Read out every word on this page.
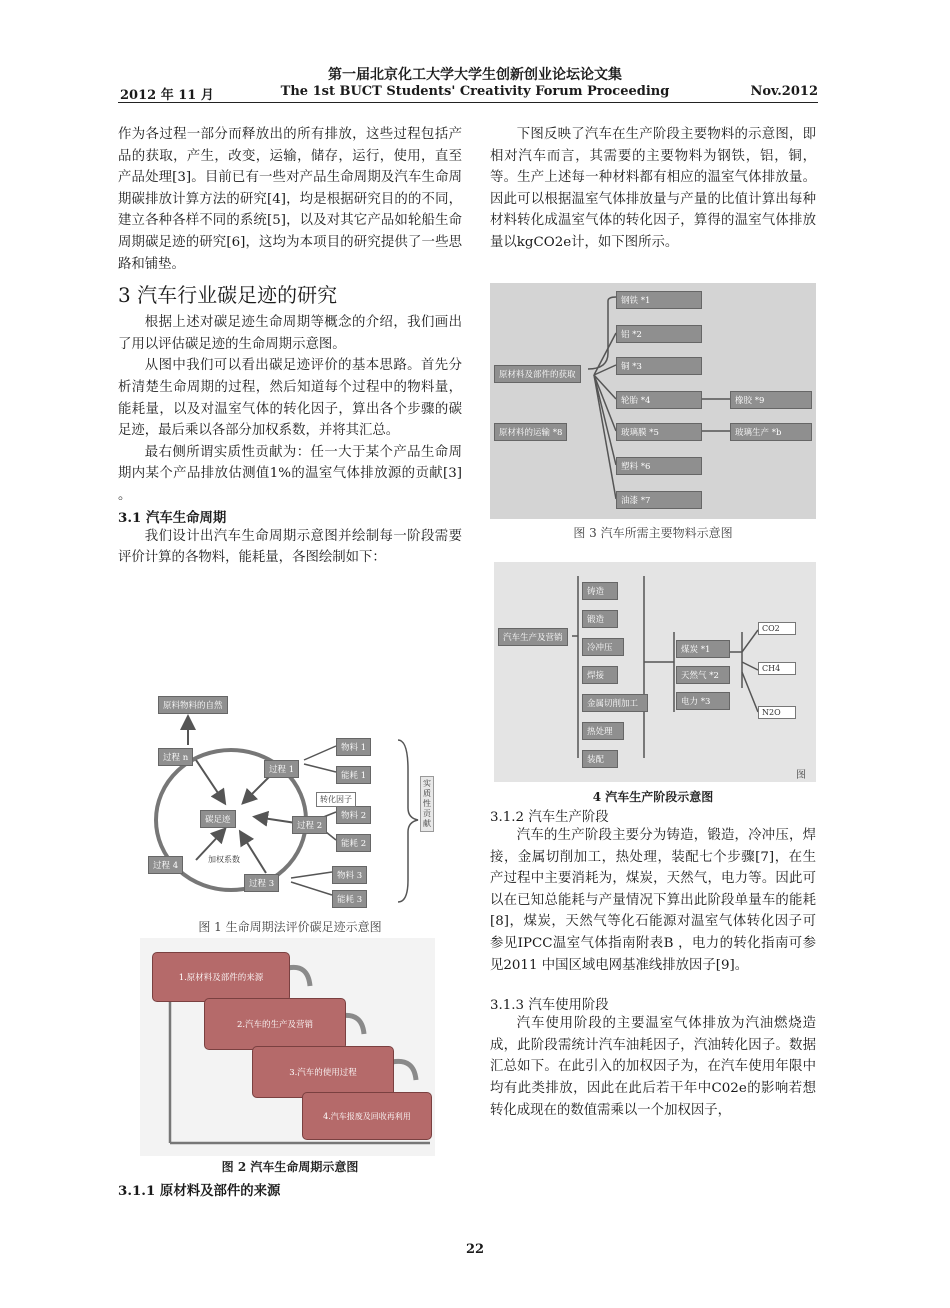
第一届北京化工大学大学生创新创业论坛论文集
The 1st BUCT Students' Creativity Forum Proceeding
2012 年 11 月	Nov.2012

作为各过程一部分而释放出的所有排放，这些过程包括产品的获取，产生，改变，运输，储存，运行，使用，直至产品处理[3]。目前已有一些对产品生命周期及汽车生命周期碳排放计算方法的研究[4]，均是根据研究目的的不同，建立各种各样不同的系统[5]，以及对其它产品如轮船生命周期碳足迹的研究[6]，这均为本项目的研究提供了一些思路和铺垫。

3 汽车行业碳足迹的研究

根据上述对碳足迹生命周期等概念的介绍，我们画出了用以评估碳足迹的生命周期示意图。

从图中我们可以看出碳足迹评价的基本思路。首先分析清楚生命周期的过程，然后知道每个过程中的物料量，能耗量，以及对温室气体的转化因子，算出各个步骤的碳足迹，最后乘以各部分加权系数，并将其汇总。

最右侧所谓实质性贡献为：任一大于某个产品生命周期内某个产品排放估测值1%的温室气体排放源的贡献[3] 。

3.1 汽车生命周期

我们设计出汽车生命周期示意图并绘制每一阶段需要评价计算的各物料，能耗量，各图绘制如下：

原料物料的自然
过程 n
过程 1
碳足迹
过程 2
过程 4
过程 3
物料 1
能耗 1
物料 2
能耗 2
物料 3
能耗 3
转化因子
加权系数
实质性贡献
图 1 生命周期法评价碳足迹示意图
1.原材料及部件的来源
2.汽车的生产及营销
3.汽车的使用过程
4.汽车报废及回收再利用
图 2 汽车生命周期示意图
3.1.1 原材料及部件的来源

下图反映了汽车在生产阶段主要物料的示意图，即相对汽车而言，其需要的主要物料为钢铁，铝，铜，等。生产上述每一种材料都有相应的温室气体排放量。因此可以根据温室气体排放量与产量的比值计算出每种材料转化成温室气体的转化因子，算得的温室气体排放量以kgCO2e计，如下图所示。

原材料及部件的获取
原材料的运输 *8
钢铁 *1
铝 *2
铜 *3
轮胎 *4
玻璃膜 *5
塑料 *6
油漆 *7
橡胶 *9
玻璃生产 *b
图 3 汽车所需主要物料示意图
汽车生产及营销
铸造
锻造
冷冲压
焊接
金属切削加工
热处理
装配
煤炭 *1
天然气 *2
电力 *3
CO2
CH4
N2O
图
4 汽车生产阶段示意图
3.1.2 汽车生产阶段

汽车的生产阶段主要分为铸造，锻造，冷冲压，焊接，金属切削加工，热处理，装配七个步骤[7]，在生产过程中主要消耗为，煤炭，天然气，电力等。因此可以在已知总能耗与产量情况下算出此阶段单量车的能耗[8]，煤炭，天然气等化石能源对温室气体转化因子可参见IPCC温室气体指南附表B ，电力的转化指南可参见2011 中国区域电网基准线排放因子[9]。

3.1.3 汽车使用阶段

汽车使用阶段的主要温室气体排放为汽油燃烧造成，此阶段需统计汽车油耗因子，汽油转化因子。数据汇总如下。在此引入的加权因子为，在汽车使用年限中均有此类排放，因此在此后若干年中C02e的影响若想转化成现在的数值需乘以一个加权因子，

22
